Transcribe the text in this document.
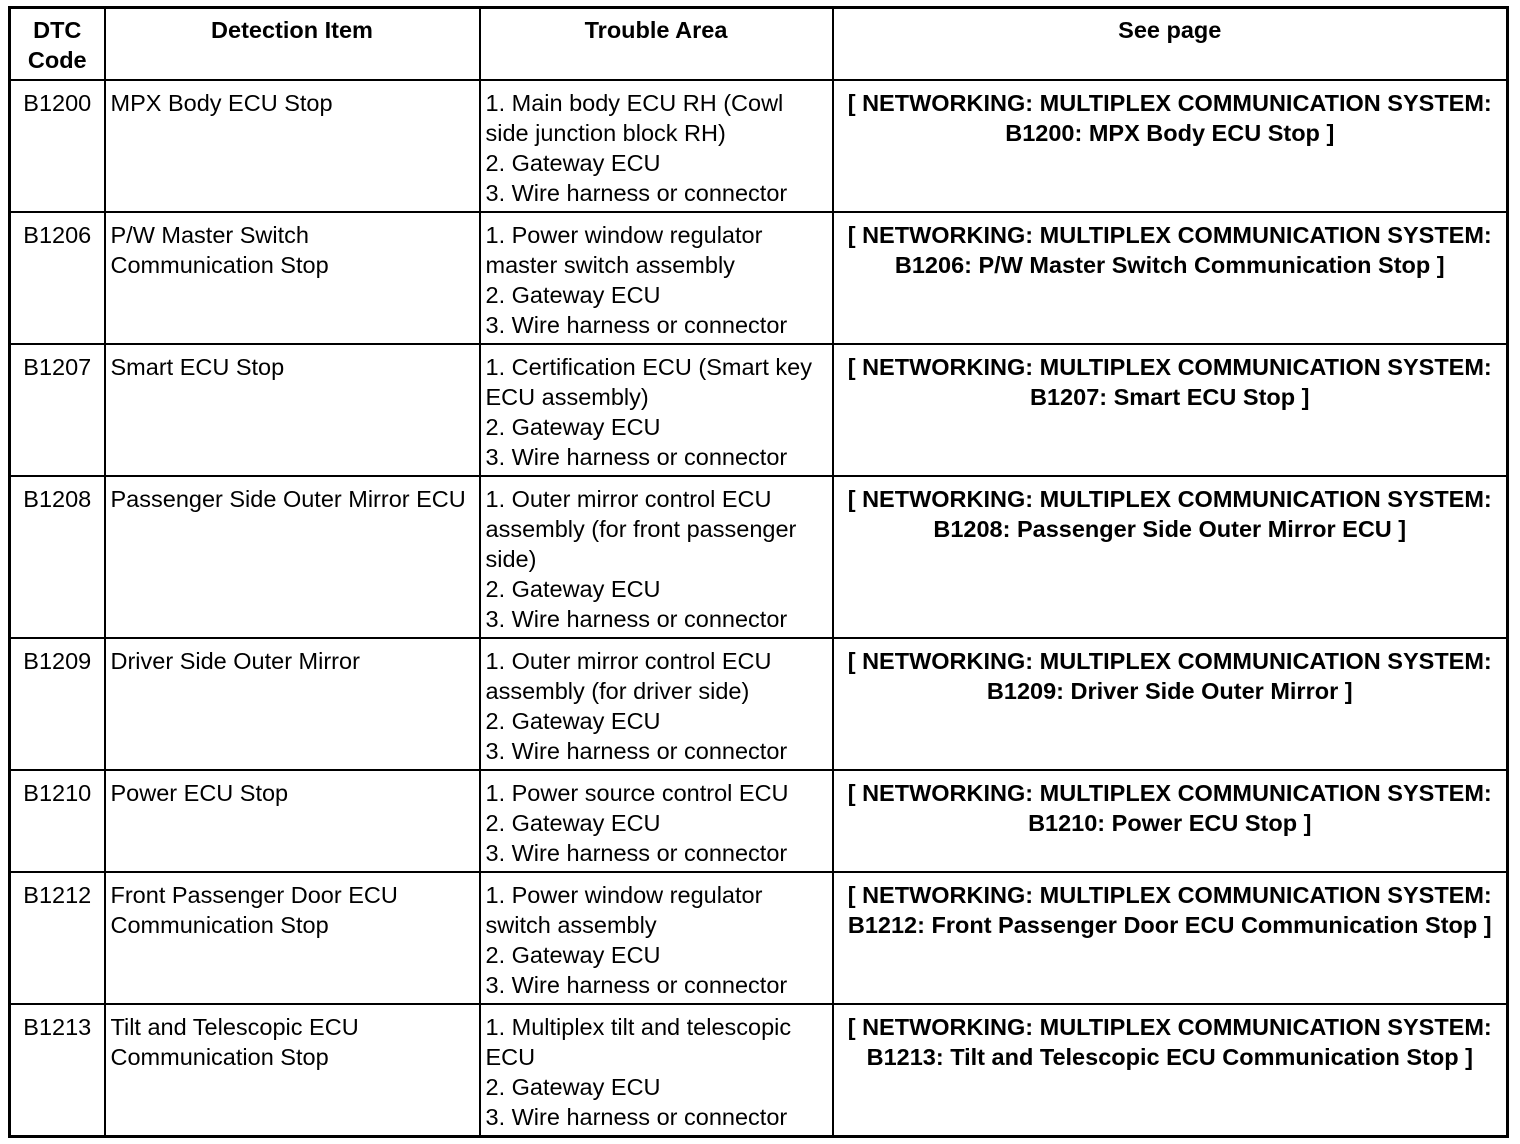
DTC
Code	Detection Item	Trouble Area	See page
B1200	MPX Body ECU Stop	1. Main body ECU RH (Cowl side junction block RH)
2. Gateway ECU
3. Wire harness or connector	[ NETWORKING: MULTIPLEX COMMUNICATION SYSTEM: B1200: MPX Body ECU Stop ]
B1206	P/W Master Switch Communication Stop	1. Power window regulator master switch assembly
2. Gateway ECU
3. Wire harness or connector	[ NETWORKING: MULTIPLEX COMMUNICATION SYSTEM: B1206: P/W Master Switch Communication Stop ]
B1207	Smart ECU Stop	1. Certification ECU (Smart key ECU assembly)
2. Gateway ECU
3. Wire harness or connector	[ NETWORKING: MULTIPLEX COMMUNICATION SYSTEM: B1207: Smart ECU Stop ]
B1208	Passenger Side Outer Mirror ECU	1. Outer mirror control ECU assembly (for front passenger side)
2. Gateway ECU
3. Wire harness or connector	[ NETWORKING: MULTIPLEX COMMUNICATION SYSTEM: B1208: Passenger Side Outer Mirror ECU ]
B1209	Driver Side Outer Mirror	1. Outer mirror control ECU assembly (for driver side)
2. Gateway ECU
3. Wire harness or connector	[ NETWORKING: MULTIPLEX COMMUNICATION SYSTEM: B1209: Driver Side Outer Mirror ]
B1210	Power ECU Stop	1. Power source control ECU
2. Gateway ECU
3. Wire harness or connector	[ NETWORKING: MULTIPLEX COMMUNICATION SYSTEM: B1210: Power ECU Stop ]
B1212	Front Passenger Door ECU Communication Stop	1. Power window regulator switch assembly
2. Gateway ECU
3. Wire harness or connector	[ NETWORKING: MULTIPLEX COMMUNICATION SYSTEM: B1212: Front Passenger Door ECU Communication Stop ]
B1213	Tilt and Telescopic ECU Communication Stop	1. Multiplex tilt and telescopic ECU
2. Gateway ECU
3. Wire harness or connector	[ NETWORKING: MULTIPLEX COMMUNICATION SYSTEM: B1213: Tilt and Telescopic ECU Communication Stop ]
